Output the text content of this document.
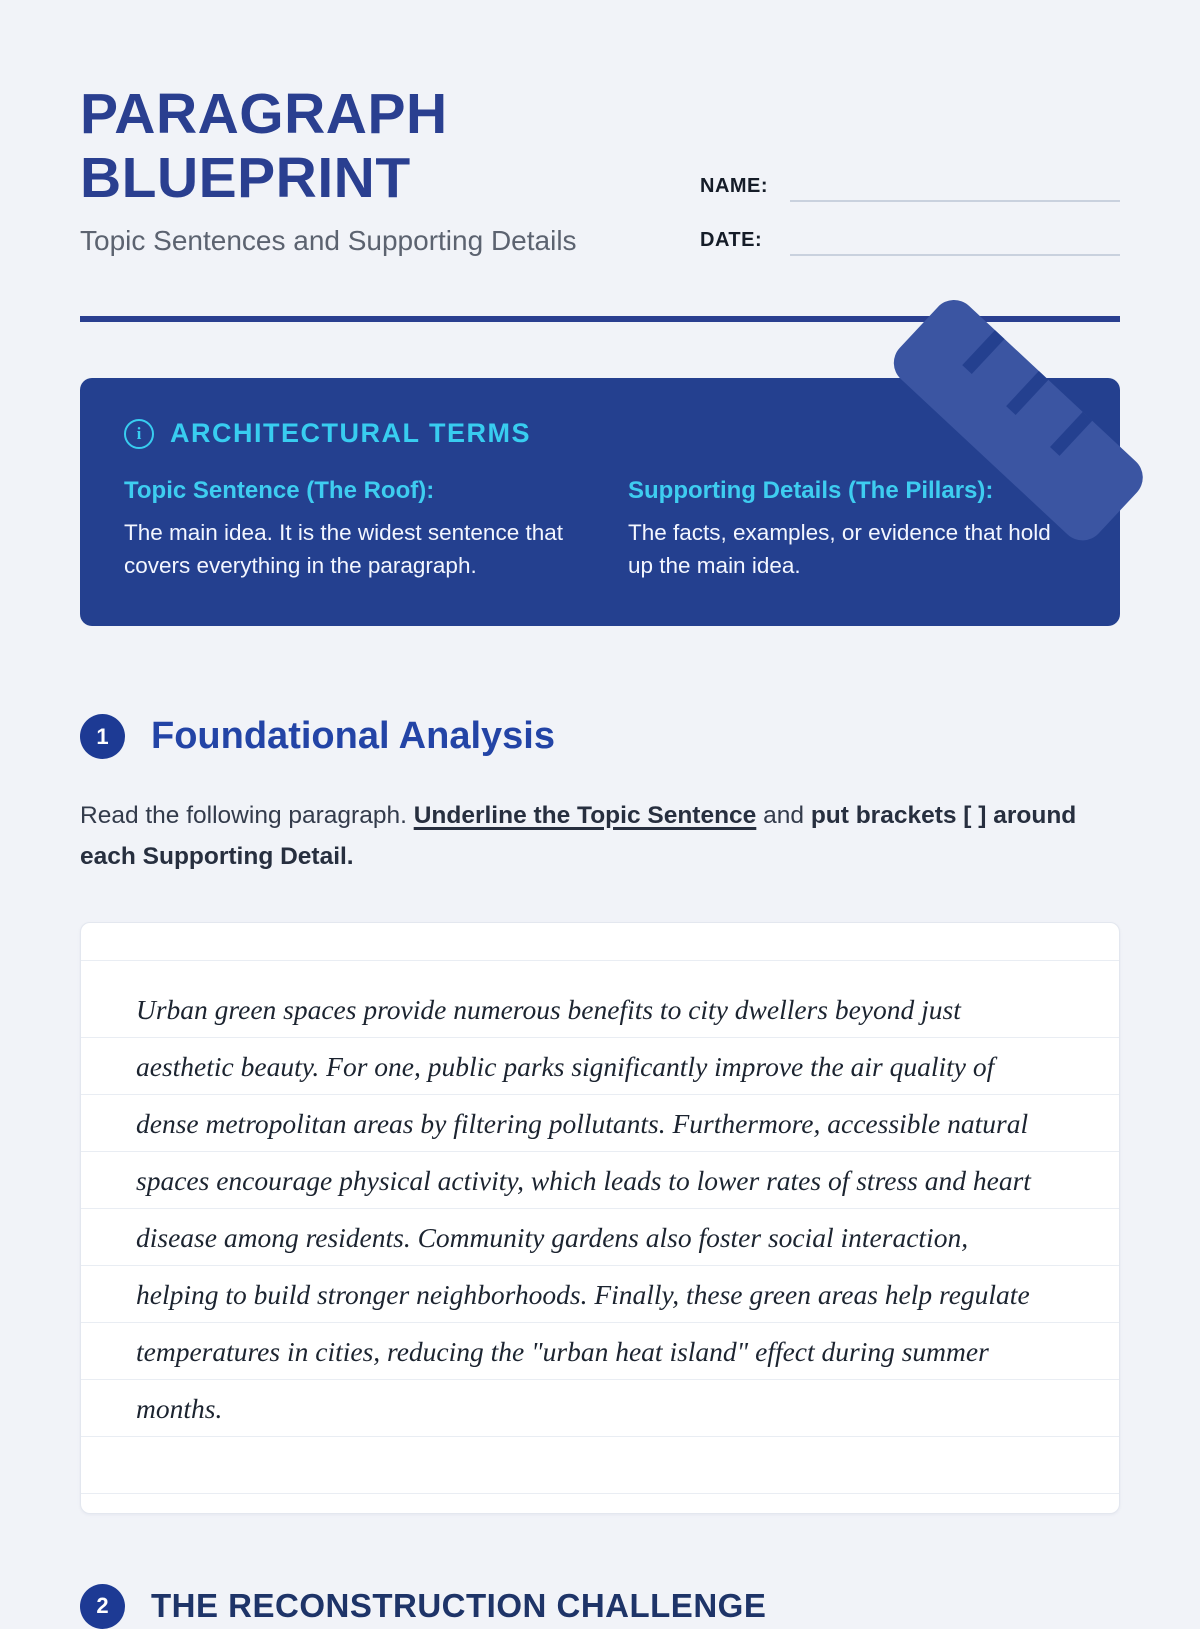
PARAGRAPH
BLUEPRINT

Topic Sentences and Supporting Details

NAME:
DATE:
i	ARCHITECTURAL TERMS
Topic Sentence (The Roof):

The main idea. It is the widest sentence that covers everything in the paragraph.

Supporting Details (The Pillars):

The facts, examples, or evidence that hold up the main idea.

1	Foundational Analysis

Read the following paragraph. Underline the Topic Sentence and put brackets [ ] around each Supporting Detail.

Urban green spaces provide numerous benefits to city dwellers beyond just aesthetic beauty. For one, public parks significantly improve the air quality of dense metropolitan areas by filtering pollutants. Furthermore, accessible natural spaces encourage physical activity, which leads to lower rates of stress and heart disease among residents. Community gardens also foster social interaction, helping to build stronger neighborhoods. Finally, these green areas help regulate temperatures in cities, reducing the "urban heat island" effect during summer months.

2	THE RECONSTRUCTION CHALLENGE
